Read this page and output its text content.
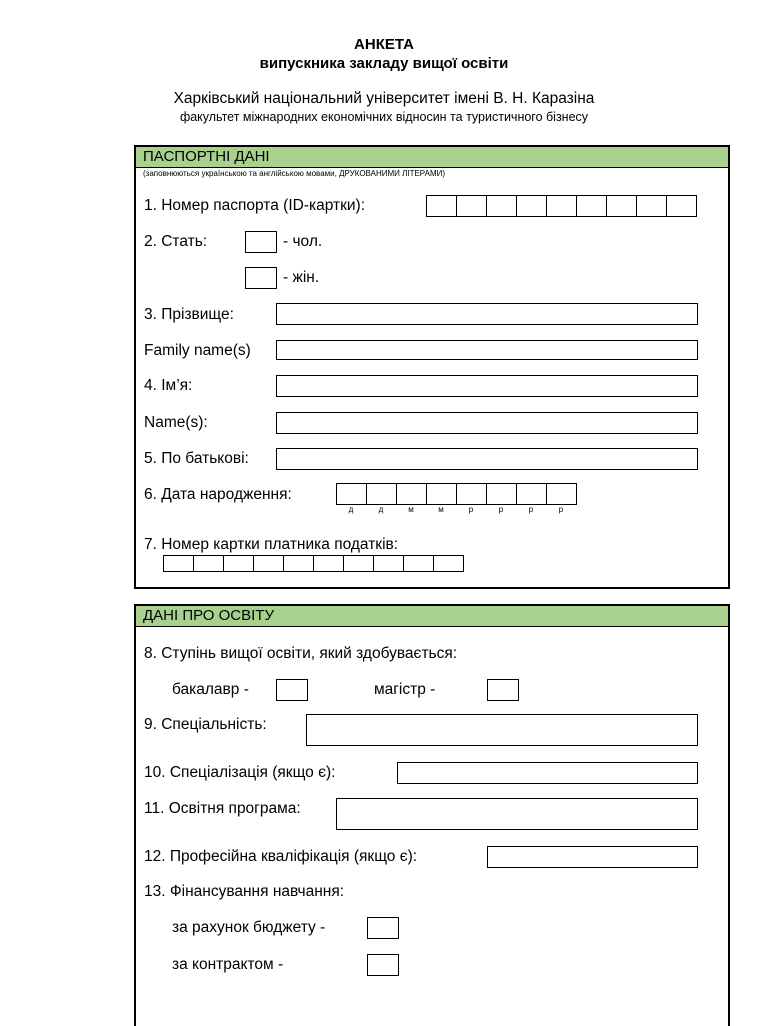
АНКЕТА
випускника закладу вищої освіти
Харківський національний університет імені В. Н. Каразіна
факультет міжнародних економічних відносин та туристичного бізнесу
ПАСПОРТНІ ДАНІ
(заповнюються українською та англійською мовами, ДРУКОВАНИМИ ЛІТЕРАМИ)
1. Номер паспорта (ID-картки):
2. Стать:	- чол.
- жін.
3. Прізвище:
Family name(s)
4. Ім’я:
Name(s):
5. По батькові:
6. Дата народження:
д	д	м	м	р	р	р	р
7. Номер картки платника податків:
ДАНІ ПРО ОСВІТУ
8. Ступінь вищої освіти, який здобувається:
бакалавр -	магістр -
9. Спеціальність:
10. Спеціалізація (якщо є):
11. Освітня програма:
12. Професійна кваліфікація (якщо є):
13. Фінансування навчання:
за рахунок бюджету -
за контрактом -
